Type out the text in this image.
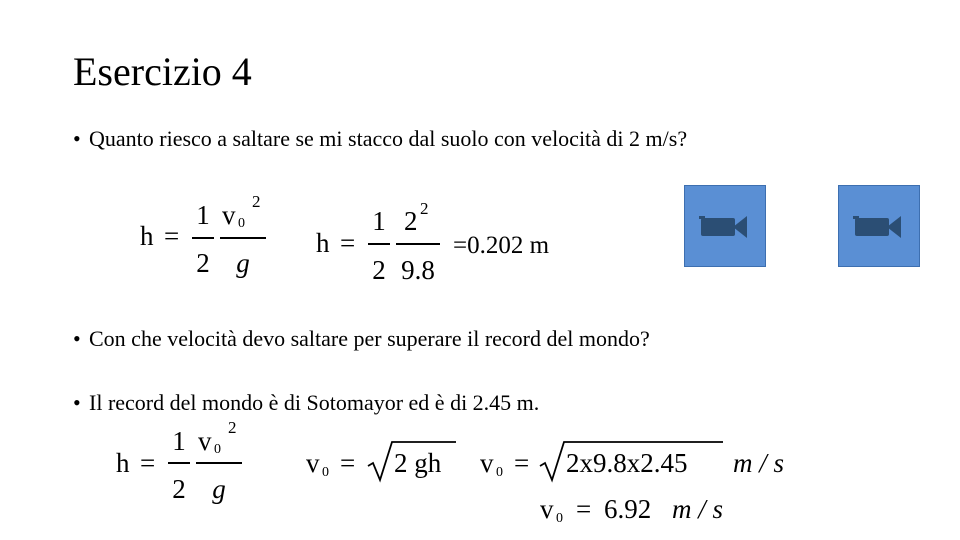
Esercizio 4
• Quanto riesco a saltare se mi stacco dal suolo con velocità di 2 m/s?
h =
1
2
v 0
2
g
h =
1
2
2 2
9.8
=0.202 m
• Con che velocità devo saltare per superare il record del mondo?
• Il record del mondo è di Sotomayor ed è di 2.45 m.
h =
1
2
v 0
2
g
v 0 = 2 gh v 0 = 2x9.8x2.45 m / s
v 0 = 6.92 m / s
